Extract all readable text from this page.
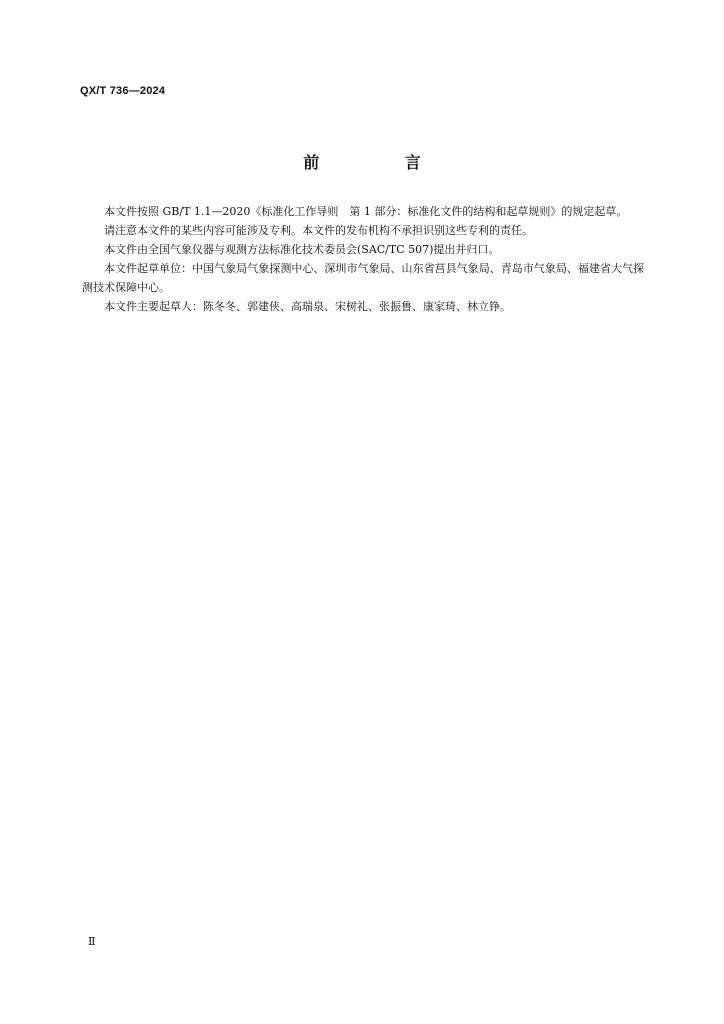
QX/T 736—2024
前 言

本文件按照 GB/T 1.1—2020《标准化工作导则　第 1 部分：标准化文件的结构和起草规则》的规定起草。

请注意本文件的某些内容可能涉及专利。本文件的发布机构不承担识别这些专利的责任。

本文件由全国气象仪器与观测方法标准化技术委员会(SAC/TC 507)提出并归口。

本文件起草单位：中国气象局气象探测中心、深圳市气象局、山东省莒县气象局、青岛市气象局、福建省大气探测技术保障中心。

本文件主要起草人：陈冬冬、郭建侠、高瑞泉、宋树礼、张振鲁、康家琦、林立铮。

Ⅱ
